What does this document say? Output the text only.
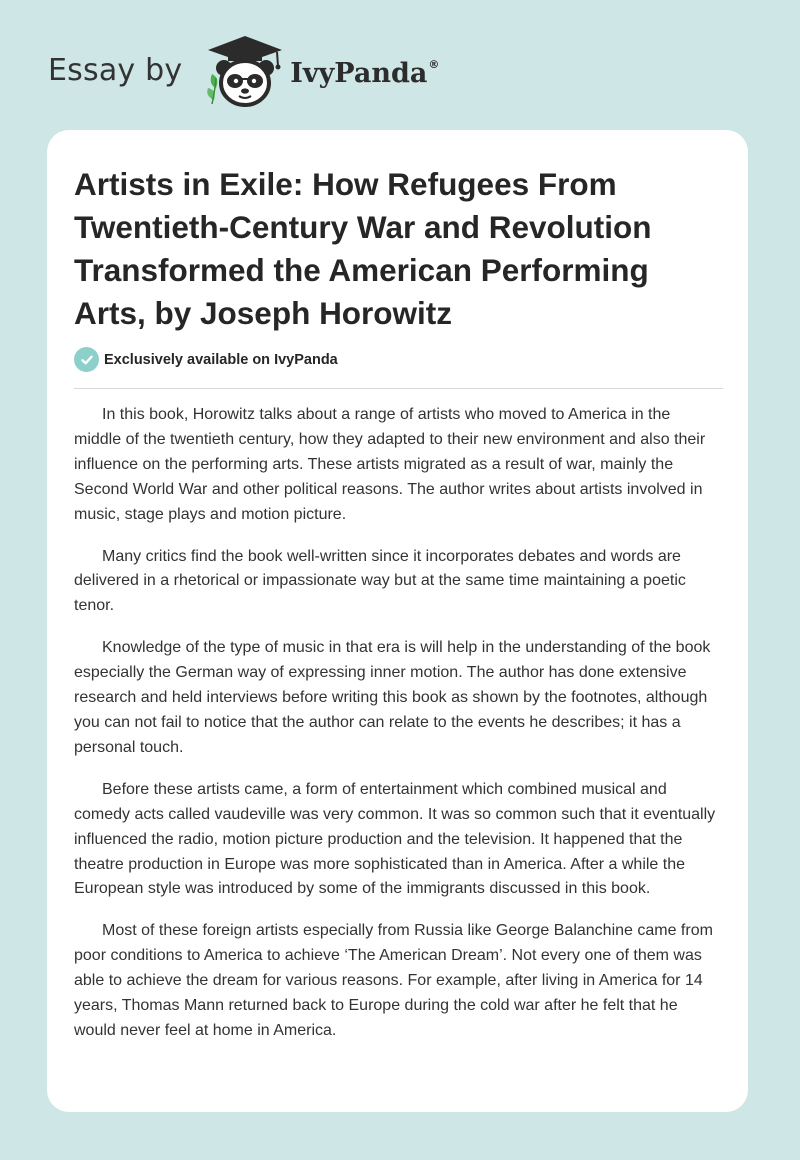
Essay by	IvyPanda®
Artists in Exile: How Refugees From Twentieth-Century War and Revolution Transformed the American Performing Arts, by Joseph Horowitz
Exclusively available on IvyPanda

In this book, Horowitz talks about a range of artists who moved to America in the middle of the twentieth century, how they adapted to their new environment and also their influence on the performing arts. These artists migrated as a result of war, mainly the Second World War and other political reasons. The author writes about artists involved in music, stage plays and motion picture.

Many critics find the book well-written since it incorporates debates and words are delivered in a rhetorical or impassionate way but at the same time maintaining a poetic tenor.

Knowledge of the type of music in that era is will help in the understanding of the book especially the German way of expressing inner motion. The author has done extensive research and held interviews before writing this book as shown by the footnotes, although you can not fail to notice that the author can relate to the events he describes; it has a personal touch.

Before these artists came, a form of entertainment which combined musical and comedy acts called vaudeville was very common. It was so common such that it eventually influenced the radio, motion picture production and the television. It happened that the theatre production in Europe was more sophisticated than in America. After a while the European style was introduced by some of the immigrants discussed in this book.

Most of these foreign artists especially from Russia like George Balanchine came from poor conditions to America to achieve ‘The American Dream’. Not every one of them was able to achieve the dream for various reasons. For example, after living in America for 14 years, Thomas Mann returned back to Europe during the cold war after he felt that he would never feel at home in America.
